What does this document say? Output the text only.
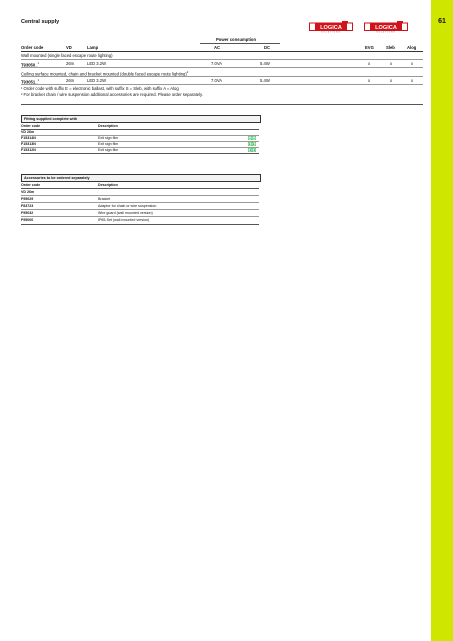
61
Central supply
LOGICA
SOLUTIONS
LOGICA
SOLUTIONS
Power consumption
Order code	VD	Lamp	AC	DC	EVG	Sleb	Alog
Wall mounted (single faced escape route lighting)
T93050_$^1$	26m	LED 3.2W	7.0VA	5.4W	x	x	x
Ceiling surface mounted, chain and bracket mounted (double faced escape route lighting)$^2$
T93051_$^1$	26m	LED 3.2W	7.0VA	5.4W	x	x	x
¹ Order code with suffix E = electronic ballast, with suffix S = Sleb, with suffix A = Alog
² For bracket chain / wire suspension additional accessories are required. Please order separately.
Fitting supplied complete with
Order code	Description
VD 26m
F15314N	Exit sign film
F15313N	Exit sign film
F15312N	Exit sign film
Accessories to be ordered separately
Order code	Description
VD 26m
F95029	Bracket
F83723	Adaptor for chain or wire suspension
F95032	Wire guard (wall mounted version)
F95000	IP65-Set (wall mounted version)
